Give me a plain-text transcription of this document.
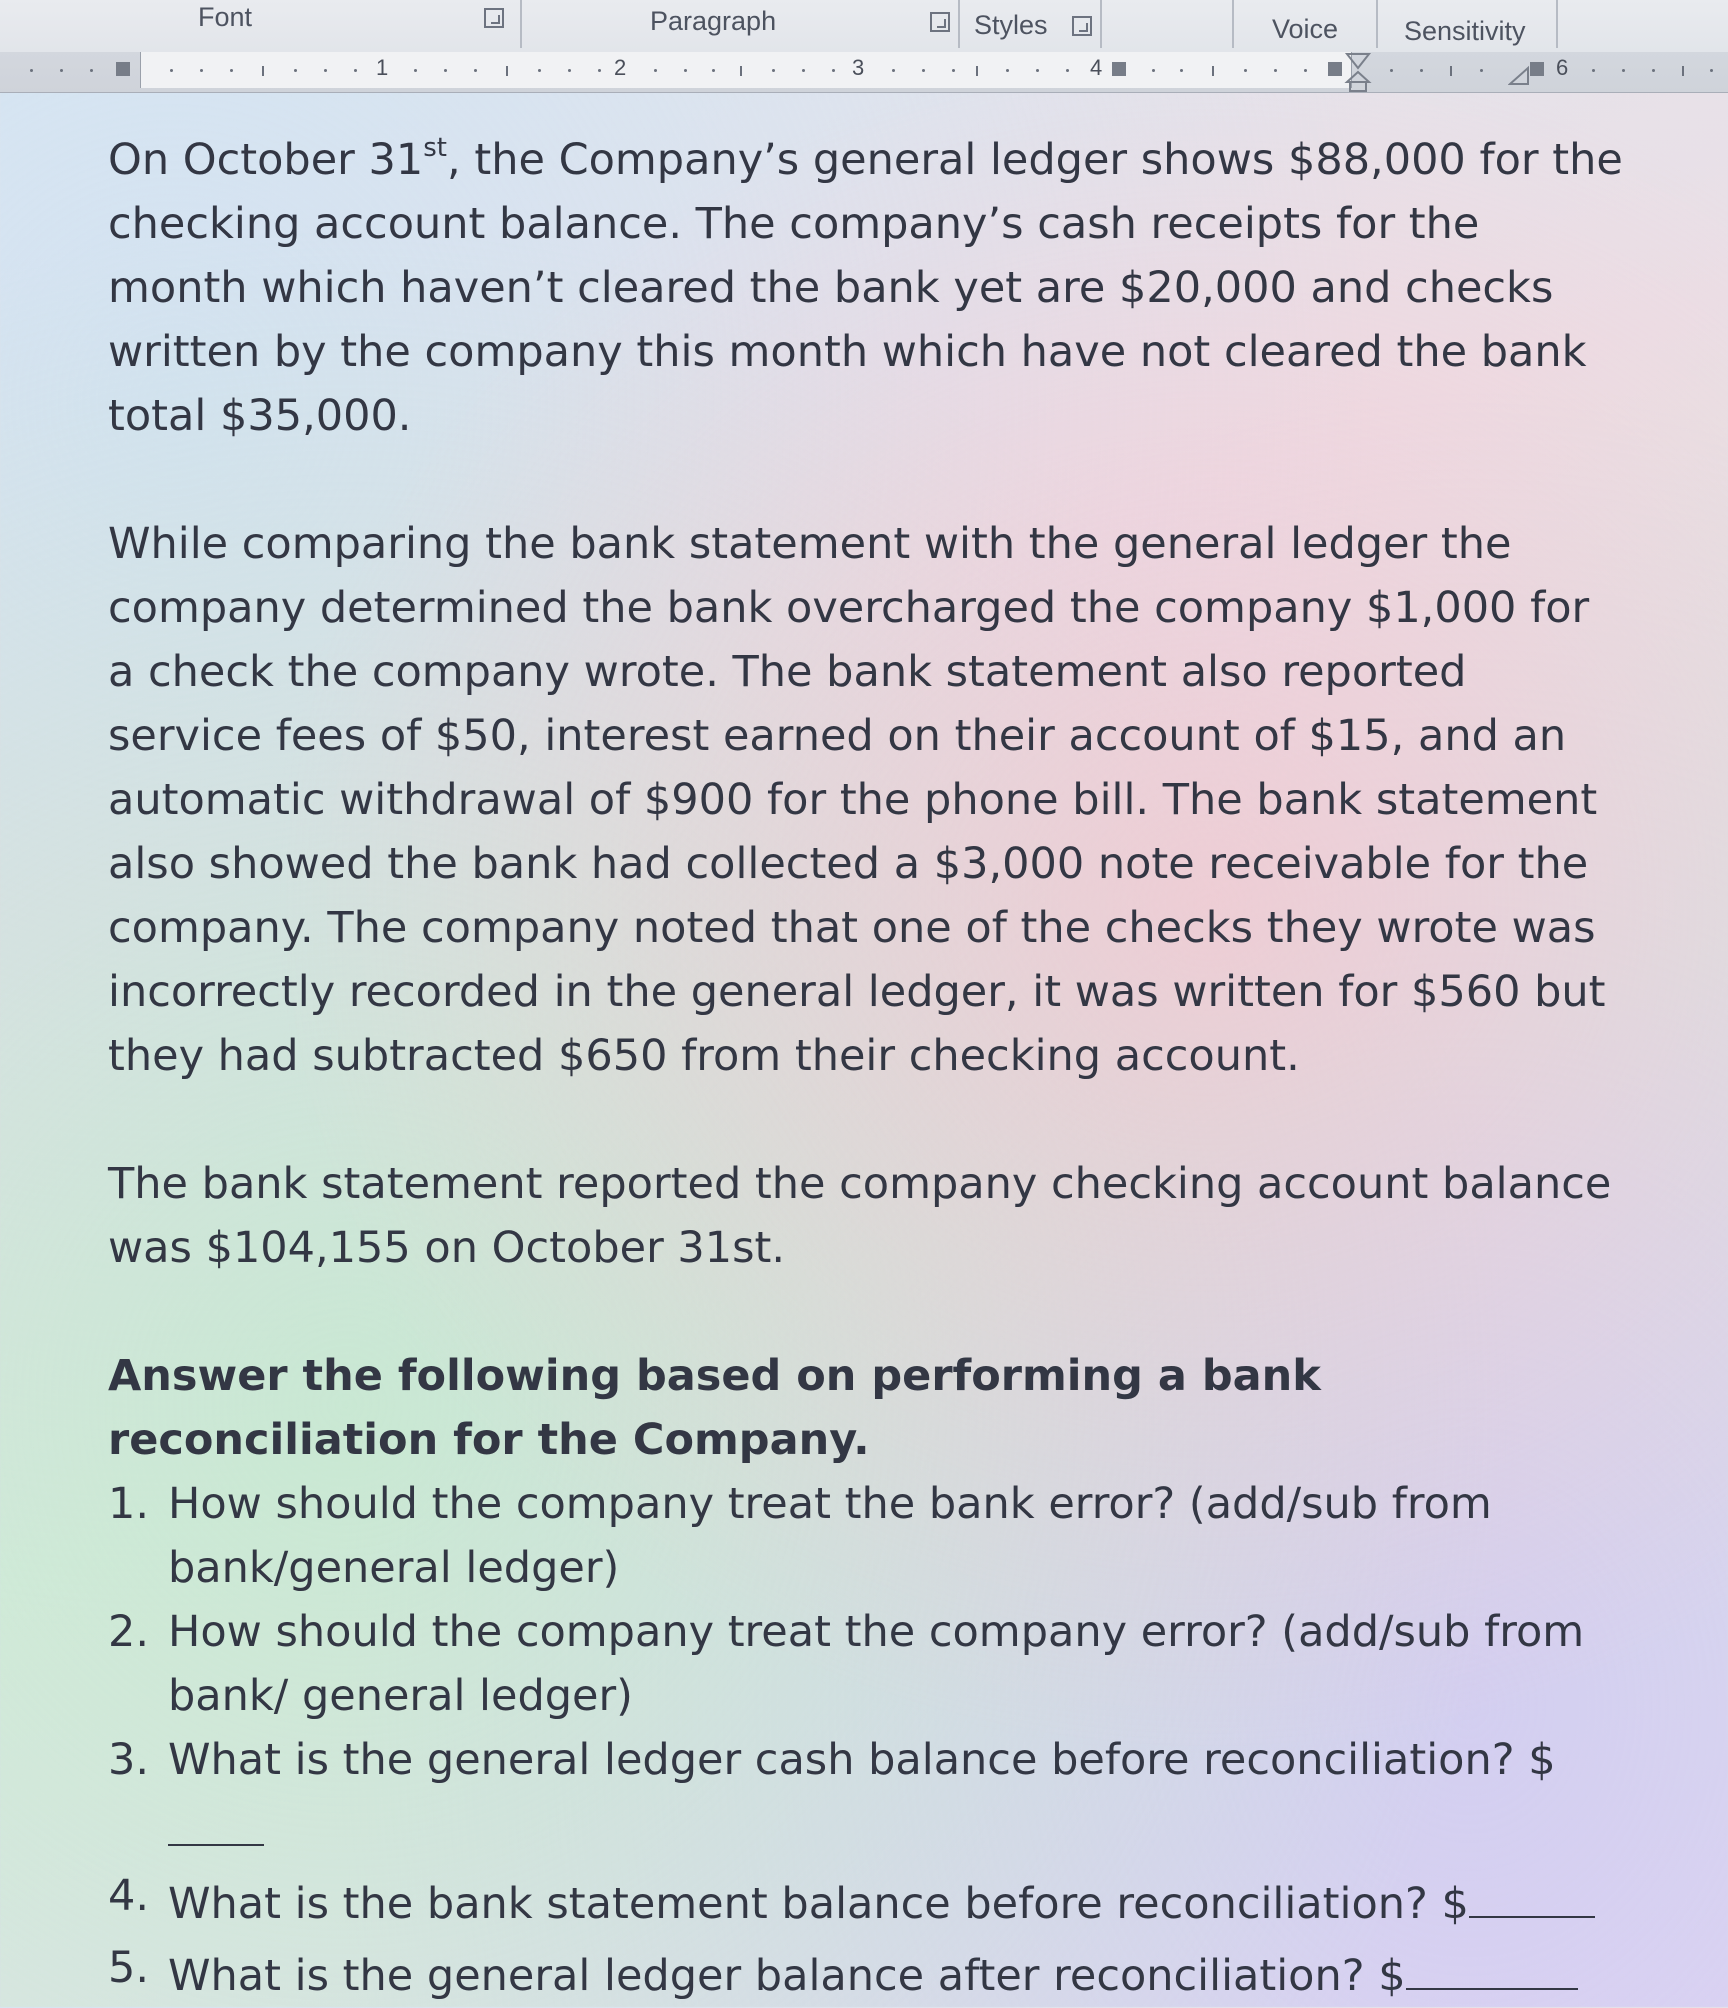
Font	Paragraph	Styles	Voice Sensitivity
1	2	3	4	6

On October 31st, the Company’s general ledger shows $88,000 for the checking account balance. The company’s cash receipts for the month which haven’t cleared the bank yet are $20,000 and checks written by the company this month which have not cleared the bank total $35,000.

While comparing the bank statement with the general ledger the company determined the bank overcharged the company $1,000 for a check the company wrote. The bank statement also reported service fees of $50, interest earned on their account of $15, and an automatic withdrawal of $900 for the phone bill. The bank statement also showed the bank had collected a $3,000 note receivable for the company. The company noted that one of the checks they wrote was incorrectly recorded in the general ledger, it was written for $560 but they had subtracted $650 from their checking account.

The bank statement reported the company checking account balance was $104,155 on October 31st.

Answer the following based on performing a bank reconciliation for the Company.

1. How should the company treat the bank error? (add/sub from bank/general ledger)
2. How should the company treat the company error? (add/sub from bank/ general ledger)
3. What is the general ledger cash balance before reconciliation? $
4. What is the bank statement balance before reconciliation? $
5. What is the general ledger balance after reconciliation? $
